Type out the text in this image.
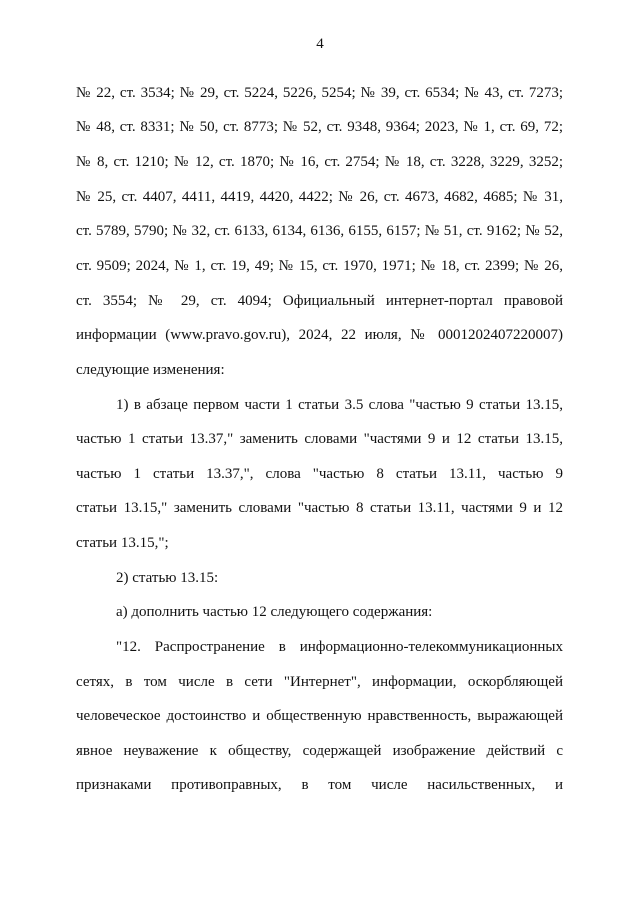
4
№ 22, ст. 3534; № 29, ст. 5224, 5226, 5254; № 39, ст. 6534; № 43, ст. 7273;
№ 48, ст. 8331; № 50, ст. 8773; № 52, ст. 9348, 9364; 2023, № 1, ст. 69, 72;
№ 8, ст. 1210; № 12, ст. 1870; № 16, ст. 2754; № 18, ст. 3228, 3229, 3252;
№ 25, ст. 4407, 4411, 4419, 4420, 4422; № 26, ст. 4673, 4682, 4685; № 31,
ст. 5789, 5790; № 32, ст. 6133, 6134, 6136, 6155, 6157; № 51, ст. 9162; № 52,
ст. 9509; 2024, № 1, ст. 19, 49; № 15, ст. 1970, 1971; № 18, ст. 2399; № 26,
ст. 3554; № 29, ст. 4094; Официальный интернет-портал правовой
информации (www.pravo.gov.ru), 2024, 22 июля, № 0001202407220007)
следующие изменения:
1) в абзаце первом части 1 статьи 3.5 слова "частью 9 статьи 13.15,
частью 1 статьи 13.37," заменить словами "частями 9 и 12 статьи 13.15,
частью 1 статьи 13.37,", слова "частью 8 статьи 13.11, частью 9
статьи 13.15," заменить словами "частью 8 статьи 13.11, частями 9 и 12
статьи 13.15,";
2) статью 13.15:
а) дополнить частью 12 следующего содержания:
"12. Распространение в информационно-телекоммуникационных
сетях, в том числе в сети "Интернет", информации, оскорбляющей
человеческое достоинство и общественную нравственность, выражающей
явное неуважение к обществу, содержащей изображение действий с
признаками противоправных, в том числе насильственных, и
